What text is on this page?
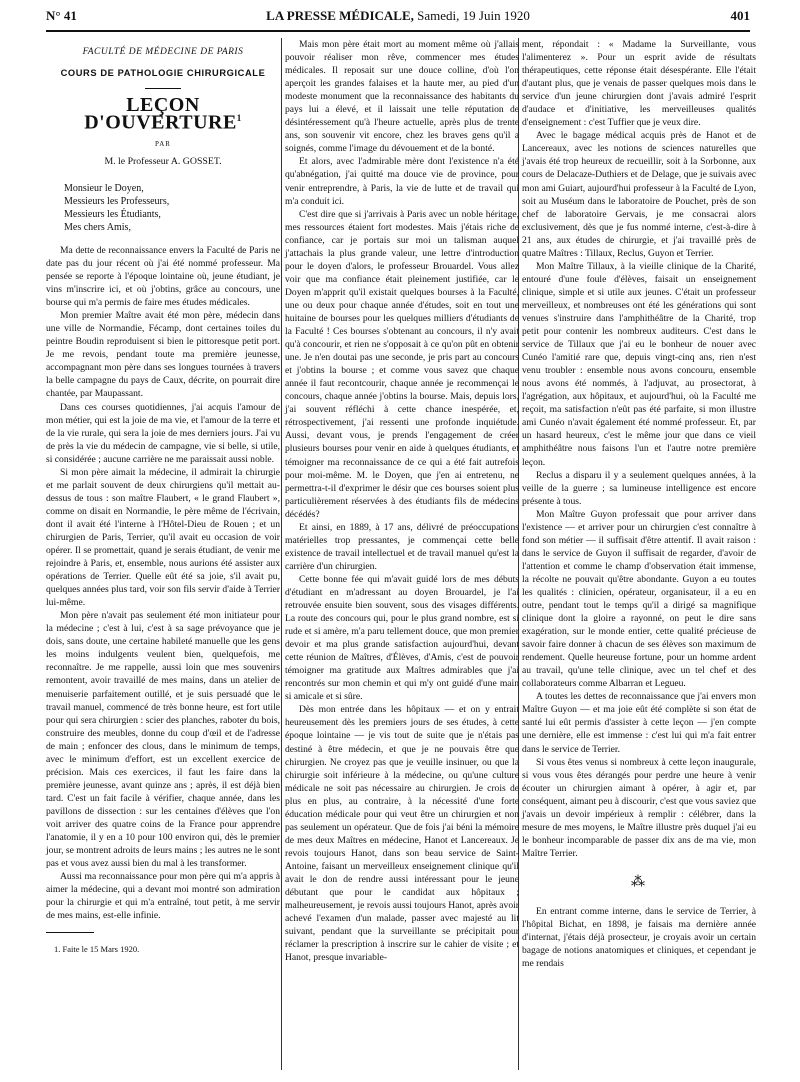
N° 41	LA PRESSE MÉDICALE, Samedi, 19 Juin 1920	401
FACULTÉ DE MÉDECINE DE PARIS
COURS DE PATHOLOGIE CHIRURGICALE
LEÇON D'OUVERTURE$^1$
PAR
M. le Professeur A. GOSSET.
Monsieur le Doyen,
Messieurs les Professeurs,
Messieurs les Étudiants,
Mes chers Amis,

Ma dette de reconnaissance envers la Faculté de Paris ne date pas du jour récent où j'ai été nommé professeur. Ma pensée se reporte à l'époque lointaine où, jeune étudiant, je vins m'inscrire ici, et où j'obtins, grâce au concours, une bourse qui m'a permis de faire mes études médicales.

Mon premier Maître avait été mon père, médecin dans une ville de Normandie, Fécamp, dont certaines toiles du peintre Boudin reproduisent si bien le pittoresque petit port. Je me revois, pendant toute ma première jeunesse, accompagnant mon père dans ses longues tournées à travers la belle campagne du pays de Caux, décrite, on pourrait dire chantée, par Maupassant.

Dans ces courses quotidiennes, j'ai acquis l'amour de mon métier, qui est la joie de ma vie, et l'amour de la terre et de la vie rurale, qui sera la joie de mes derniers jours. J'ai vu de près la vie du médecin de campagne, vie si belle, si utile, si considérée ; aucune carrière ne me paraissait aussi noble.

Si mon père aimait la médecine, il admirait la chirurgie et me parlait souvent de deux chirurgiens qu'il mettait au-dessus de tous : son maître Flaubert, « le grand Flaubert », comme on disait en Normandie, le père même de l'écrivain, dont il avait été l'interne à l'Hôtel-Dieu de Rouen ; et un chirurgien de Paris, Terrier, qu'il avait eu occasion de voir opérer. Il se promettait, quand je serais étudiant, de venir me rejoindre à Paris, et, ensemble, nous aurions été assister aux opérations de Terrier. Quelle eût été sa joie, s'il avait pu, quelques années plus tard, voir son fils servir d'aide à Terrier lui-même.

Mon père n'avait pas seulement été mon initiateur pour la médecine ; c'est à lui, c'est à sa sage prévoyance que je dois, sans doute, une certaine habileté manuelle que les gens les moins indulgents veulent bien, quelquefois, me reconnaître. Je me rappelle, aussi loin que mes souvenirs remontent, avoir travaillé de mes mains, dans un atelier de menuiserie parfaitement outillé, et je suis persuadé que le travail manuel, commencé de très bonne heure, est fort utile pour qui sera chirurgien : scier des planches, raboter du bois, construire des meubles, donne du coup d'œil et de l'adresse de main ; enfoncer des clous, dans le minimum de temps, avec le minimum d'effort, est un excellent exercice de précision. Mais ces exercices, il faut les faire dans la première jeunesse, avant quinze ans ; après, il est déjà bien tard. C'est un fait facile à vérifier, chaque année, dans les pavillons de dissection : sur les centaines d'élèves que l'on voit arriver des quatre coins de la France pour apprendre l'anatomie, il y en a 10 pour 100 environ qui, dès le premier jour, se montrent adroits de leurs mains ; les autres ne le sont pas et vous avez aussi bien du mal à les transformer.

Aussi ma reconnaissance pour mon père qui m'a appris à aimer la médecine, qui a devant moi montré son admiration pour la chirurgie et qui m'a entraîné, tout petit, à me servir de mes mains, est-elle infinie.

1. Faite le 15 Mars 1920.

Mais mon père était mort au moment même où j'allais pouvoir réaliser mon rêve, commencer mes études médicales. Il reposait sur une douce colline, d'où l'on aperçoit les grandes falaises et la haute mer, au pied d'un modeste monument que la reconnaissance des habitants du pays lui a élevé, et il laissait une telle réputation de désintéressement qu'à l'heure actuelle, après plus de trente ans, son souvenir vit encore, chez les braves gens qu'il a soignés, comme l'image du dévouement et de la bonté.

Et alors, avec l'admirable mère dont l'existence n'a été qu'abnégation, j'ai quitté ma douce vie de province, pour venir entreprendre, à Paris, la vie de lutte et de travail qui m'a conduit ici.

C'est dire que si j'arrivais à Paris avec un noble héritage, mes ressources étaient fort modestes. Mais j'étais riche de confiance, car je portais sur moi un talisman auquel j'attachais la plus grande valeur, une lettre d'introduction pour le doyen d'alors, le professeur Brouardel. Vous allez voir que ma confiance était pleinement justifiée, car le Doyen m'apprit qu'il existait quelques bourses à la Faculté, une ou deux pour chaque année d'études, soit en tout une huitaine de bourses pour les quelques milliers d'étudiants de la Faculté ! Ces bourses s'obtenant au concours, il n'y avait qu'à concourir, et rien ne s'opposait à ce qu'on pût en obtenir une. Je n'en doutai pas une seconde, je pris part au concours et j'obtins la bourse ; et comme vous savez que chaque année il faut recontcourir, chaque année je recommençai le concours, chaque année j'obtins la bourse. Mais, depuis lors, j'ai souvent réfléchi à cette chance inespérée, et, rétrospectivement, j'ai ressenti une profonde inquiétude. Aussi, devant vous, je prends l'engagement de créer plusieurs bourses pour venir en aide à quelques étudiants, et témoigner ma reconnaissance de ce qui a été fait autrefois pour moi-même. M. le Doyen, que j'en ai entretenu, ne permettra-t-il d'exprimer le désir que ces bourses soient plus particulièrement réservées à des étudiants fils de médecins décédés?

Et ainsi, en 1889, à 17 ans, délivré de préoccupations matérielles trop pressantes, je commençai cette belle existence de travail intellectuel et de travail manuel qu'est la carrière d'un chirurgien.

Cette bonne fée qui m'avait guidé lors de mes débuts d'étudiant en m'adressant au doyen Brouardel, je l'ai retrouvée ensuite bien souvent, sous des visages différents. La route des concours qui, pour le plus grand nombre, est si rude et si amère, m'a paru tellement douce, que mon premier devoir et ma plus grande satisfaction aujourd'hui, devant cette réunion de Maîtres, d'Élèves, d'Amis, c'est de pouvoir témoigner ma gratitude aux Maîtres admirables que j'ai rencontrés sur mon chemin et qui m'y ont guidé d'une main si amicale et si sûre.

Dès mon entrée dans les hôpitaux — et on y entrait heureusement dès les premiers jours de ses études, à cette époque lointaine — je vis tout de suite que je n'étais pas destiné à être médecin, et que je ne pouvais être que chirurgien. Ne croyez pas que je veuille insinuer, ou que la chirurgie soit inférieure à la médecine, ou qu'une culture médicale ne soit pas nécessaire au chirurgien. Je crois de plus en plus, au contraire, à la nécessité d'une forte éducation médicale pour qui veut être un chirurgien et non pas seulement un opérateur. Que de fois j'ai béni la mémoire de mes deux Maîtres en médecine, Hanot et Lancereaux. Je revois toujours Hanot, dans son beau service de Saint-Antoine, faisant un merveilleux enseignement clinique qu'il avait le don de rendre aussi intéressant pour le jeune débutant que pour le candidat aux hôpitaux ; malheureusement, je revois aussi toujours Hanot, après avoir achevé l'examen d'un malade, passer avec majesté au lit suivant, pendant que la surveillante se précipitait pour réclamer la prescription à inscrire sur le cahier de visite ; et Hanot, presque invariable-

ment, répondait : « Madame la Surveillante, vous l'alimenterez ». Pour un esprit avide de résultats thérapeutiques, cette réponse était désespérante. Elle l'était d'autant plus, que je venais de passer quelques mois dans le service d'un jeune chirurgien dont j'avais admiré l'esprit d'audace et d'initiative, les merveilleuses qualités d'enseignement : c'est Tuffier que je veux dire.

Avec le bagage médical acquis près de Hanot et de Lancereaux, avec les notions de sciences naturelles que j'avais été trop heureux de recueillir, soit à la Sorbonne, aux cours de Delacaze-Duthiers et de Delage, que je suivais avec mon ami Guiart, aujourd'hui professeur à la Faculté de Lyon, soit au Muséum dans le laboratoire de Pouchet, près de son chef de laboratoire Gervais, je me consacrai alors exclusivement, dès que je fus nommé interne, c'est-à-dire à 21 ans, aux études de chirurgie, et j'ai travaillé près de quatre Maîtres : Tillaux, Reclus, Guyon et Terrier.

Mon Maître Tillaux, à la vieille clinique de la Charité, entouré d'une foule d'élèves, faisait un enseignement clinique, simple et si utile aux jeunes. C'était un professeur merveilleux, et nombreuses ont été les générations qui sont venues s'instruire dans l'amphithéâtre de la Charité, trop petit pour contenir les nombreux auditeurs. C'est dans le service de Tillaux que j'ai eu le bonheur de nouer avec Cunéo l'amitié rare que, depuis vingt-cinq ans, rien n'est venu troubler : ensemble nous avons concouru, ensemble nous avons été nommés, à l'adjuvat, au prosectorat, à l'agrégation, aux hôpitaux, et aujourd'hui, où la Faculté me reçoit, ma satisfaction n'eût pas été parfaite, si mon illustre ami Cunéo n'avait également été nommé professeur. Et, par un hasard heureux, c'est le même jour que dans ce vieil amphithéâtre nous faisons l'un et l'autre notre première leçon.

Reclus a disparu il y a seulement quelques années, à la veille de la guerre ; sa lumineuse intelligence est encore présente à tous.

Mon Maître Guyon professait que pour arriver dans l'existence — et arriver pour un chirurgien c'est connaître à fond son métier — il suffisait d'être attentif. Il avait raison : dans le service de Guyon il suffisait de regarder, d'avoir de l'attention et comme le champ d'observation était immense, la récolte ne pouvait qu'être abondante. Guyon a eu toutes les qualités : clinicien, opérateur, organisateur, il a eu en outre, pendant tout le temps qu'il a dirigé sa magnifique clinique dont la gloire a rayonné, on peut le dire sans exagération, sur le monde entier, cette qualité précieuse de savoir faire donner à chacun de ses élèves son maximum de rendement. Quelle heureuse fortune, pour un homme ardent au travail, qu'une telle clinique, avec un tel chef et des collaborateurs comme Albarran et Legueu.

A toutes les dettes de reconnaissance que j'ai envers mon Maître Guyon — et ma joie eût été complète si son état de santé lui eût permis d'assister à cette leçon — j'en compte une dernière, elle est immense : c'est lui qui m'a fait entrer dans le service de Terrier.

Si vous êtes venus si nombreux à cette leçon inaugurale, si vous vous êtes dérangés pour perdre une heure à venir écouter un chirurgien aimant à opérer, à agir et, par conséquent, aimant peu à discourir, c'est que vous saviez que j'avais un devoir impérieux à remplir : célébrer, dans la mesure de mes moyens, le Maître illustre près duquel j'ai eu le bonheur incomparable de passer dix ans de ma vie, mon Maître Terrier.

⁂

En entrant comme interne, dans le service de Terrier, à l'hôpital Bichat, en 1898, je faisais ma dernière année d'internat, j'étais déjà prosecteur, je croyais avoir un certain bagage de notions anatomiques et cliniques, et cependant je me rendais
